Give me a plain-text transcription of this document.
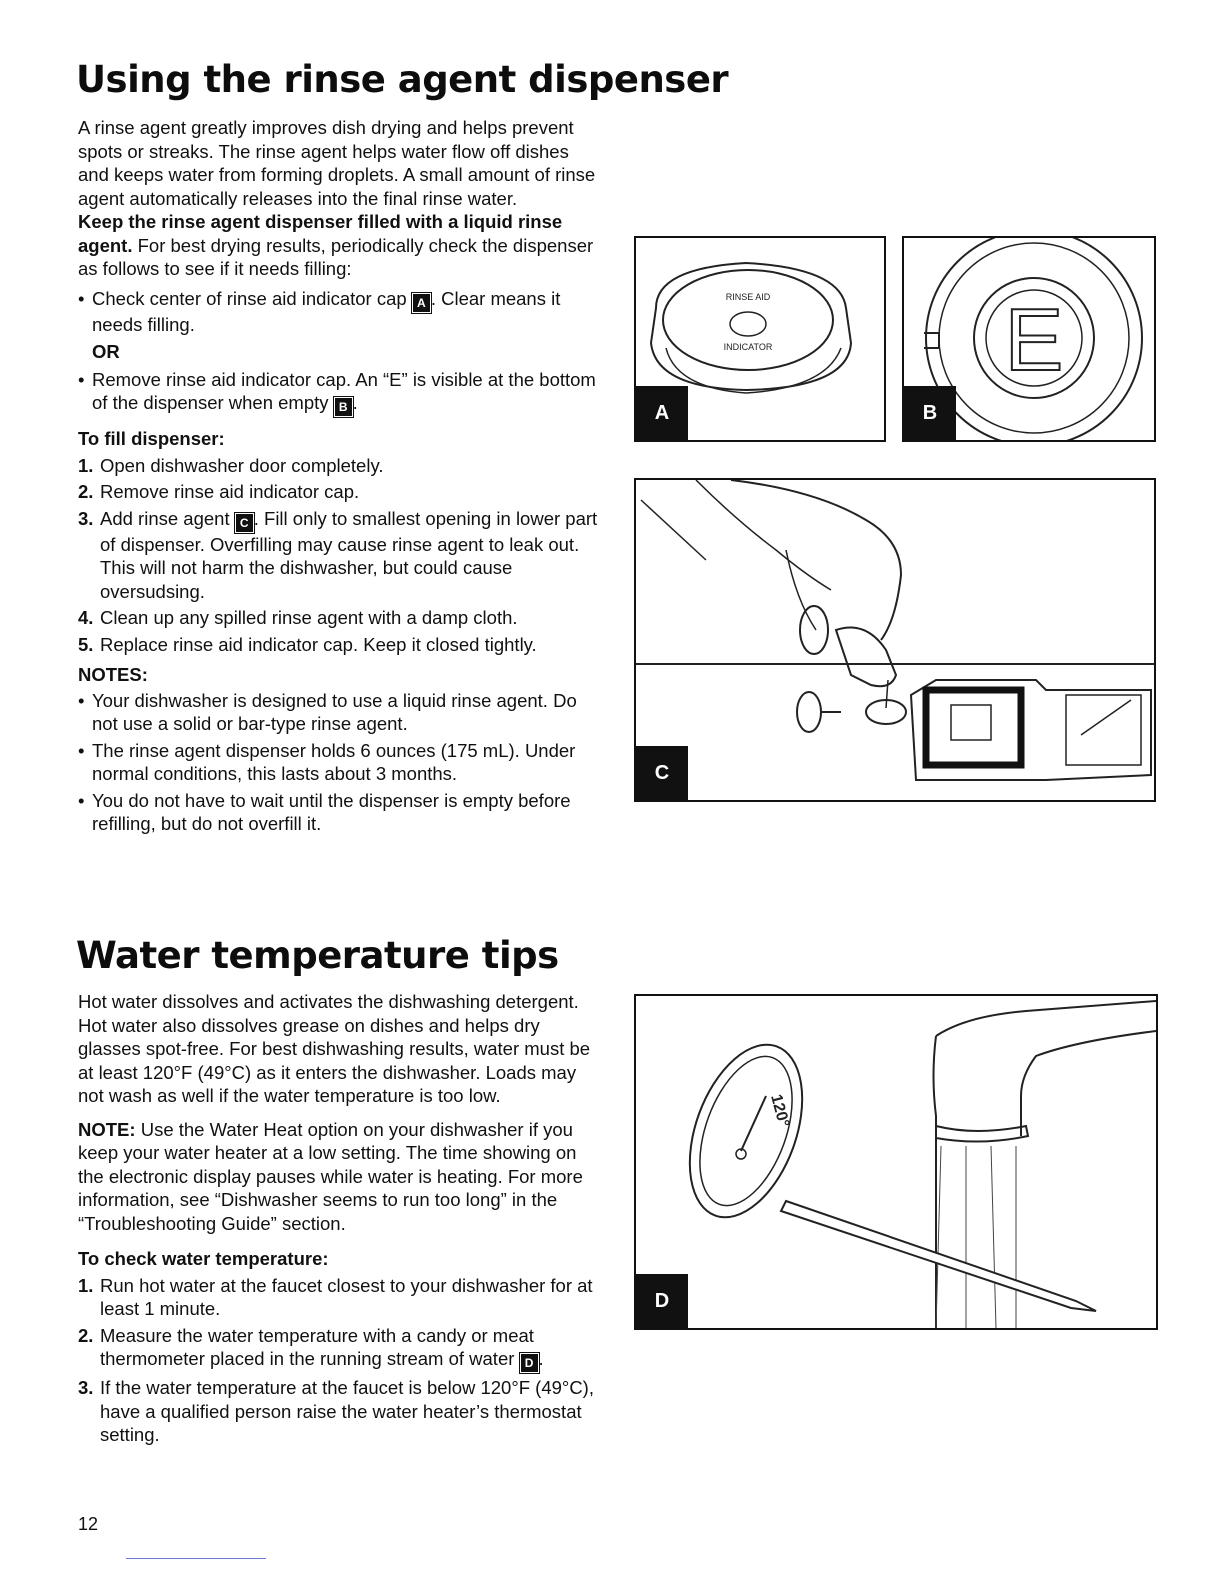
Using the rinse agent dispenser

A rinse agent greatly improves dish drying and helps prevent spots or streaks. The rinse agent helps water flow off dishes and keeps water from forming droplets. A small amount of rinse agent automatically releases into the final rinse water.

Keep the rinse agent dispenser filled with a liquid rinse agent. For best drying results, periodically check the dispenser as follows to see if it needs filling:

• Check center of rinse aid indicator cap A . Clear means it needs filling.
OR
• Remove rinse aid indicator cap. An “E” is visible at the bottom of the dispenser when empty B .

To fill dispenser:

1. Open dishwasher door completely.
2. Remove rinse aid indicator cap.
3. Add rinse agent C . Fill only to smallest opening in lower part of dispenser. Overfilling may cause rinse agent to leak out. This will not harm the dishwasher, but could cause oversudsing.
4. Clean up any spilled rinse agent with a damp cloth.
5. Replace rinse aid indicator cap. Keep it closed tightly.

NOTES:

• Your dishwasher is designed to use a liquid rinse agent. Do not use a solid or bar-type rinse agent.
• The rinse agent dispenser holds 6 ounces (175 mL). Under normal conditions, this lasts about 3 months.
• You do not have to wait until the dispenser is empty before refilling, but do not overfill it.
RINSE AID
INDICATOR
A
E
B
C
Water temperature tips

Hot water dissolves and activates the dishwashing detergent. Hot water also dissolves grease on dishes and helps dry glasses spot-free. For best dishwashing results, water must be at least 120°F (49°C) as it enters the dishwasher. Loads may not wash as well if the water temperature is too low.

NOTE: Use the Water Heat option on your dishwasher if you keep your water heater at a low setting. The time showing on the electronic display pauses while water is heating. For more information, see “Dishwasher seems to run too long” in the “Troubleshooting Guide” section.

To check water temperature:

1. Run hot water at the faucet closest to your dishwasher for at least 1 minute.
2. Measure the water temperature with a candy or meat thermometer placed in the running stream of water D .
3. If the water temperature at the faucet is below 120°F (49°C), have a qualified person raise the water heater’s thermostat setting.
120°
D
12
